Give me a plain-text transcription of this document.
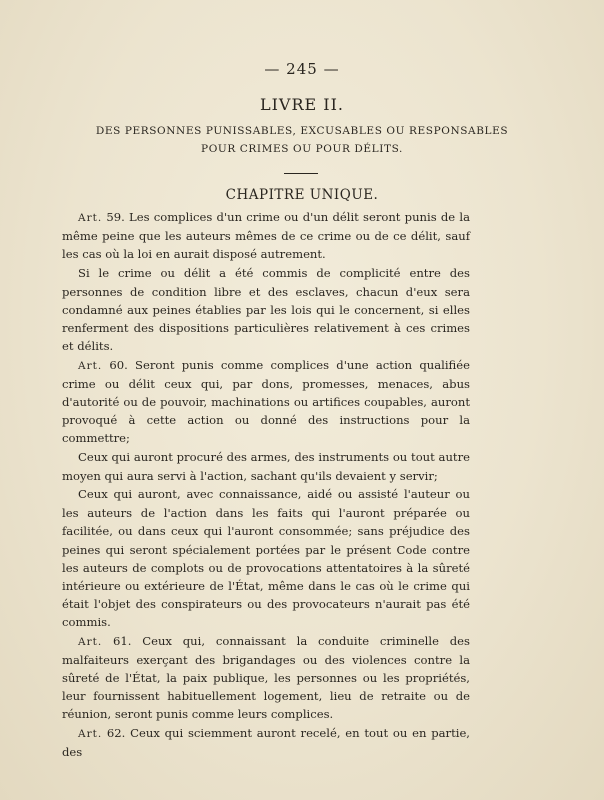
— 245 —
LIVRE II.
DES PERSONNES PUNISSABLES, EXCUSABLES OU RESPONSABLES
POUR CRIMES OU POUR DÉLITS.
CHAPITRE UNIQUE.

Art. 59. Les complices d'un crime ou d'un délit seront punis de la même peine que les auteurs mêmes de ce crime ou de ce délit, sauf les cas où la loi en aurait disposé autrement.

Si le crime ou délit a été commis de complicité entre des personnes de condition libre et des esclaves, chacun d'eux sera condamné aux peines établies par les lois qui le concernent, si elles renferment des dispositions particulières relativement à ces crimes et délits.

Art. 60. Seront punis comme complices d'une action qualifiée crime ou délit ceux qui, par dons, promesses, menaces, abus d'autorité ou de pouvoir, machinations ou artifices coupables, auront provoqué à cette action ou donné des instructions pour la commettre;

Ceux qui auront procuré des armes, des instruments ou tout autre moyen qui aura servi à l'action, sachant qu'ils devaient y servir;

Ceux qui auront, avec connaissance, aidé ou assisté l'auteur ou les auteurs de l'action dans les faits qui l'auront préparée ou facilitée, ou dans ceux qui l'auront consommée; sans préjudice des peines qui seront spécialement portées par le présent Code contre les auteurs de complots ou de provocations attentatoires à la sûreté intérieure ou extérieure de l'État, même dans le cas où le crime qui était l'objet des conspirateurs ou des provocateurs n'aurait pas été commis.

Art. 61. Ceux qui, connaissant la conduite criminelle des malfaiteurs exerçant des brigandages ou des violences contre la sûreté de l'État, la paix publique, les personnes ou les propriétés, leur fournissent habituellement logement, lieu de retraite ou de réunion, seront punis comme leurs complices.

Art. 62. Ceux qui sciemment auront recelé, en tout ou en partie, des
